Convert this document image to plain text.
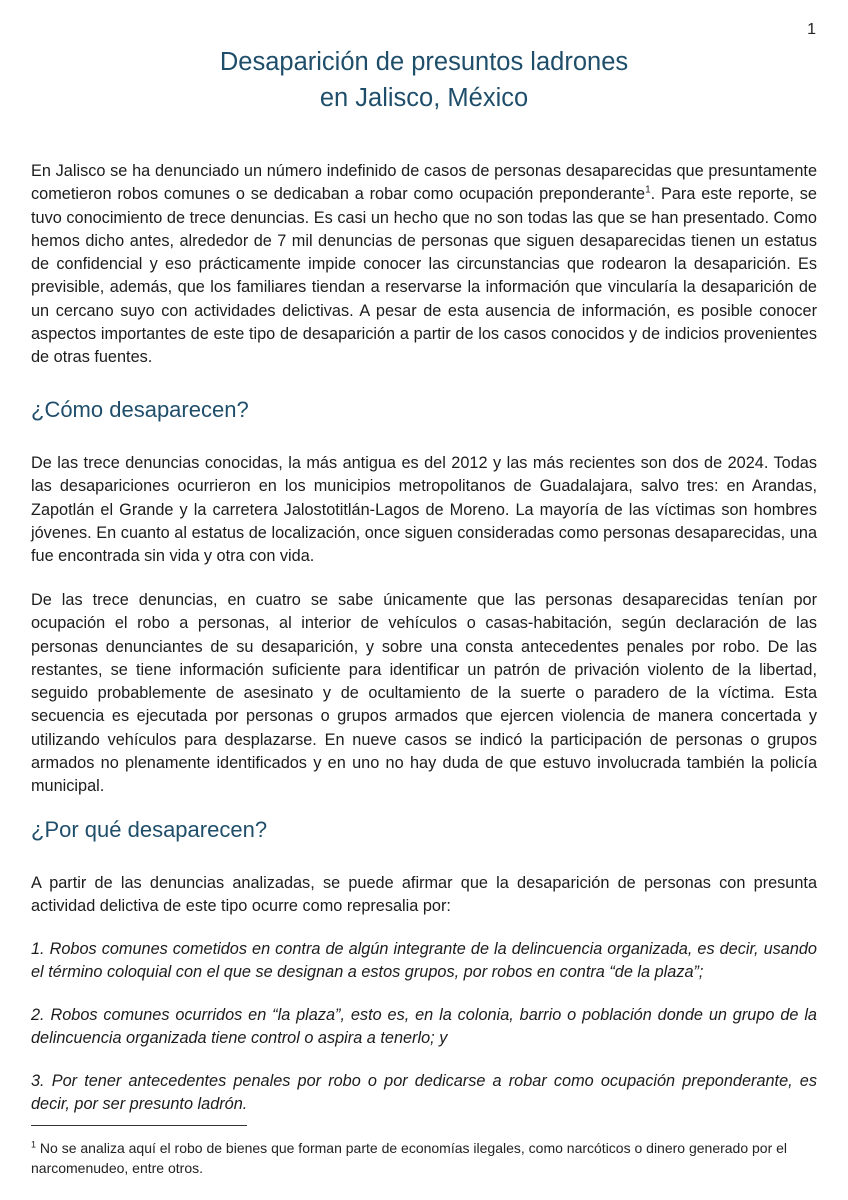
1
Desaparición de presuntos ladrones
en Jalisco, México

En Jalisco se ha denunciado un número indefinido de casos de personas desaparecidas que presuntamente cometieron robos comunes o se dedicaban a robar como ocupación preponderante$^1$. Para este reporte, se tuvo conocimiento de trece denuncias. Es casi un hecho que no son todas las que se han presentado. Como hemos dicho antes, alrededor de 7 mil denuncias de personas que siguen desaparecidas tienen un estatus de confidencial y eso prácticamente impide conocer las circunstancias que rodearon la desaparición. Es previsible, además, que los familiares tiendan a reservarse la información que vincularía la desaparición de un cercano suyo con actividades delictivas. A pesar de esta ausencia de información, es posible conocer aspectos importantes de este tipo de desaparición a partir de los casos conocidos y de indicios provenientes de otras fuentes.

¿Cómo desaparecen?

De las trece denuncias conocidas, la más antigua es del 2012 y las más recientes son dos de 2024. Todas las desapariciones ocurrieron en los municipios metropolitanos de Guadalajara, salvo tres: en Arandas, Zapotlán el Grande y la carretera Jalostotitlán-Lagos de Moreno. La mayoría de las víctimas son hombres jóvenes. En cuanto al estatus de localización, once siguen consideradas como personas desaparecidas, una fue encontrada sin vida y otra con vida.

De las trece denuncias, en cuatro se sabe únicamente que las personas desaparecidas tenían por ocupación el robo a personas, al interior de vehículos o casas-habitación, según declaración de las personas denunciantes de su desaparición, y sobre una consta antecedentes penales por robo. De las restantes, se tiene información suficiente para identificar un patrón de privación violento de la libertad, seguido probablemente de asesinato y de ocultamiento de la suerte o paradero de la víctima. Esta secuencia es ejecutada por personas o grupos armados que ejercen violencia de manera concertada y utilizando vehículos para desplazarse. En nueve casos se indicó la participación de personas o grupos armados no plenamente identificados y en uno no hay duda de que estuvo involucrada también la policía municipal.

¿Por qué desaparecen?

A partir de las denuncias analizadas, se puede afirmar que la desaparición de personas con presunta actividad delictiva de este tipo ocurre como represalia por:

1. Robos comunes cometidos en contra de algún integrante de la delincuencia organizada, es decir, usando el término coloquial con el que se designan a estos grupos, por robos en contra “de la plaza”;

2. Robos comunes ocurridos en “la plaza”, esto es, en la colonia, barrio o población donde un grupo de la delincuencia organizada tiene control o aspira a tenerlo; y

3. Por tener antecedentes penales por robo o por dedicarse a robar como ocupación preponderante, es decir, por ser presunto ladrón.

$^1$ No se analiza aquí el robo de bienes que forman parte de economías ilegales, como narcóticos o dinero generado por el narcomenudeo, entre otros.
